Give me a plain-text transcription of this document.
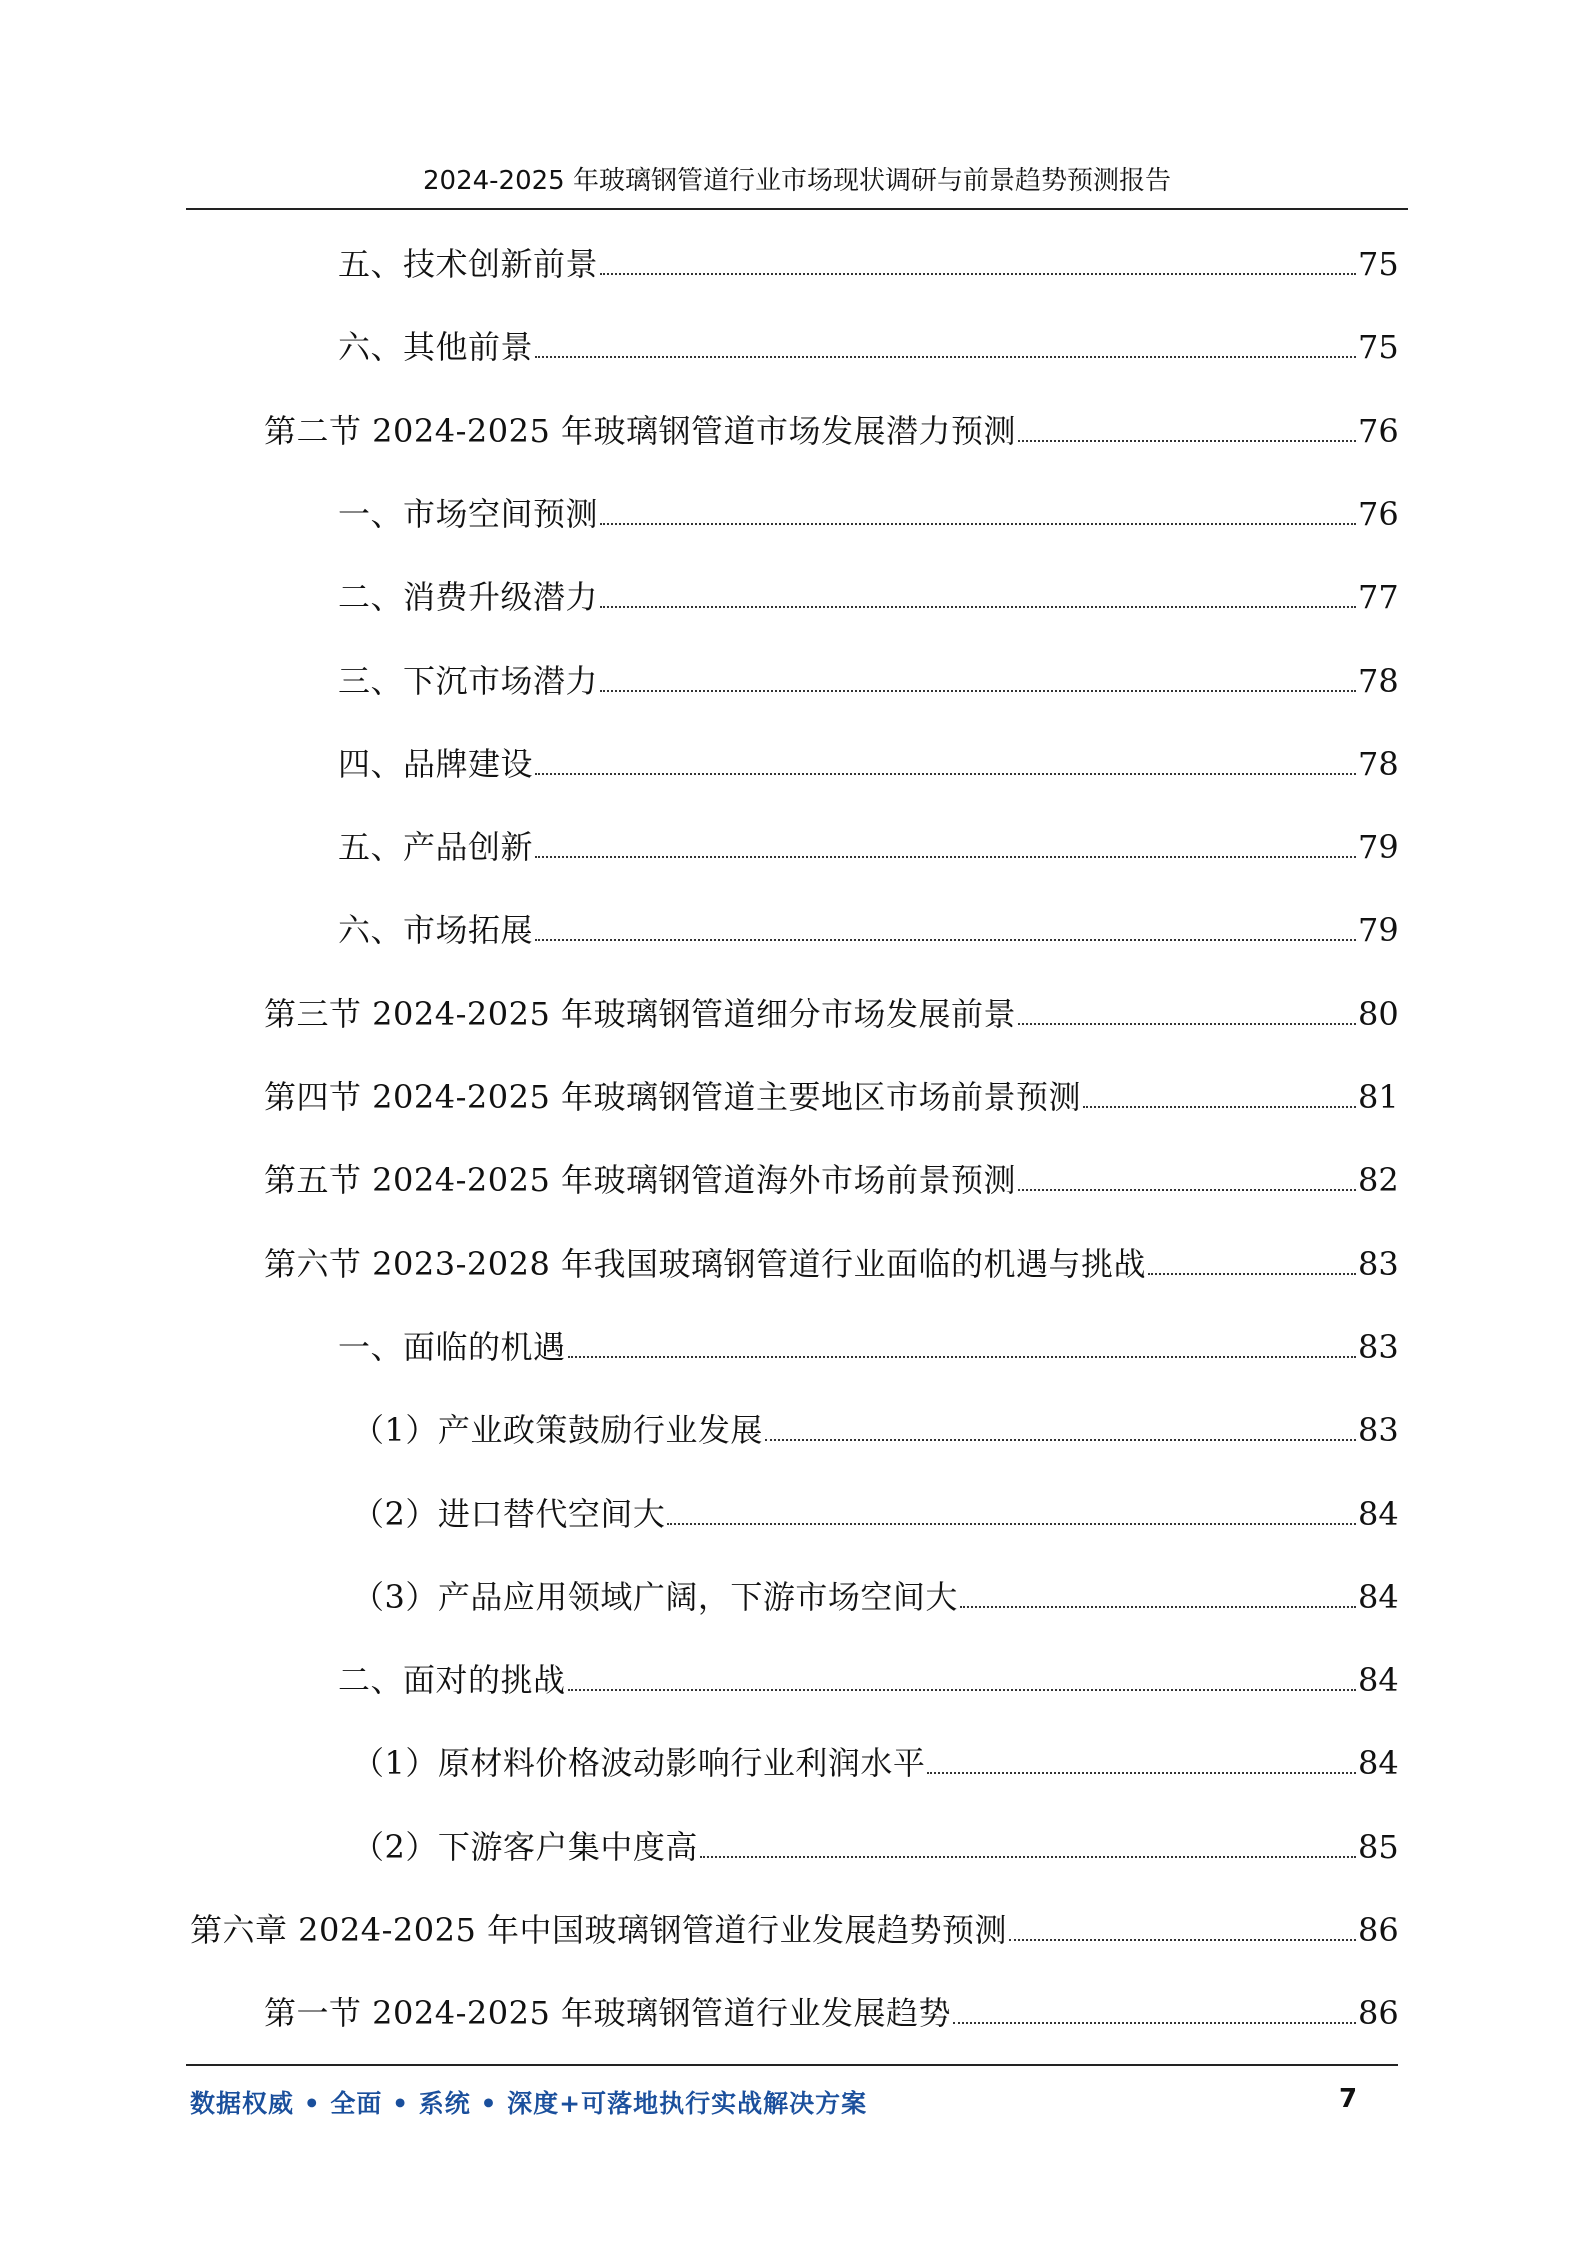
2024-2025 年玻璃钢管道行业市场现状调研与前景趋势预测报告
五、技术创新前景	75
六、其他前景	75
第二节 2024-2025 年玻璃钢管道市场发展潜力预测	76
一、市场空间预测	76
二、消费升级潜力	77
三、下沉市场潜力	78
四、品牌建设	78
五、产品创新	79
六、市场拓展	79
第三节 2024-2025 年玻璃钢管道细分市场发展前景	80
第四节 2024-2025 年玻璃钢管道主要地区市场前景预测	81
第五节 2024-2025 年玻璃钢管道海外市场前景预测	82
第六节 2023-2028 年我国玻璃钢管道行业面临的机遇与挑战	83
一、面临的机遇	83
（1）产业政策鼓励行业发展	83
（2）进口替代空间大	84
（3）产品应用领域广阔，下游市场空间大	84
二、面对的挑战	84
（1）原材料价格波动影响行业利润水平	84
（2）下游客户集中度高	85
第六章 2024-2025 年中国玻璃钢管道行业发展趋势预测	86
第一节 2024-2025 年玻璃钢管道行业发展趋势	86
数据权威 • 全面 • 系统 • 深度+可落地执行实战解决方案	7
